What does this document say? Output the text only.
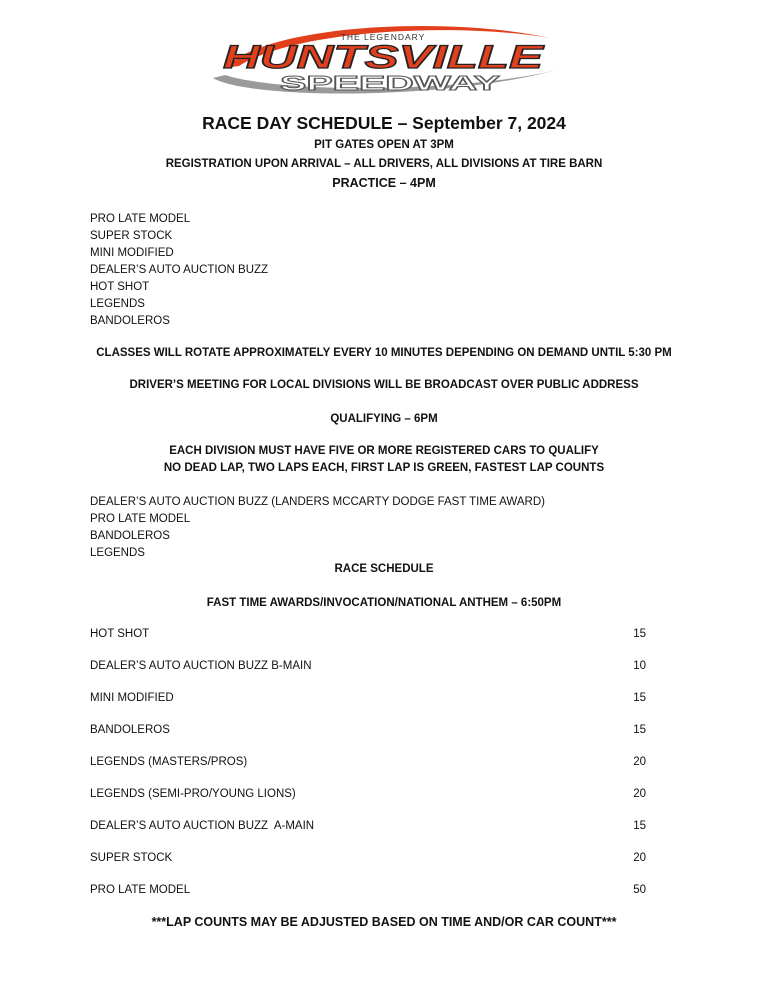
THE LEGENDARY
HUNTSVILLE
SPEEDWAY
RACE DAY SCHEDULE – September 7, 2024
PIT GATES OPEN AT 3PM
REGISTRATION UPON ARRIVAL – ALL DRIVERS, ALL DIVISIONS AT TIRE BARN
PRACTICE – 4PM
PRO LATE MODEL
SUPER STOCK
MINI MODIFIED
DEALER’S AUTO AUCTION BUZZ
HOT SHOT
LEGENDS
BANDOLEROS
CLASSES WILL ROTATE APPROXIMATELY EVERY 10 MINUTES DEPENDING ON DEMAND UNTIL 5:30 PM
DRIVER’S MEETING FOR LOCAL DIVISIONS WILL BE BROADCAST OVER PUBLIC ADDRESS
QUALIFYING – 6PM
EACH DIVISION MUST HAVE FIVE OR MORE REGISTERED CARS TO QUALIFY
NO DEAD LAP, TWO LAPS EACH, FIRST LAP IS GREEN, FASTEST LAP COUNTS
DEALER’S AUTO AUCTION BUZZ (LANDERS MCCARTY DODGE FAST TIME AWARD)
PRO LATE MODEL
BANDOLEROS
LEGENDS
RACE SCHEDULE
FAST TIME AWARDS/INVOCATION/NATIONAL ANTHEM – 6:50PM
HOT SHOT	15
DEALER’S AUTO AUCTION BUZZ B-MAIN	10
MINI MODIFIED	15
BANDOLEROS	15
LEGENDS (MASTERS/PROS)	20
LEGENDS (SEMI-PRO/YOUNG LIONS)	20
DEALER’S AUTO AUCTION BUZZ  A-MAIN	15
SUPER STOCK	20
PRO LATE MODEL	50
***LAP COUNTS MAY BE ADJUSTED BASED ON TIME AND/OR CAR COUNT***
